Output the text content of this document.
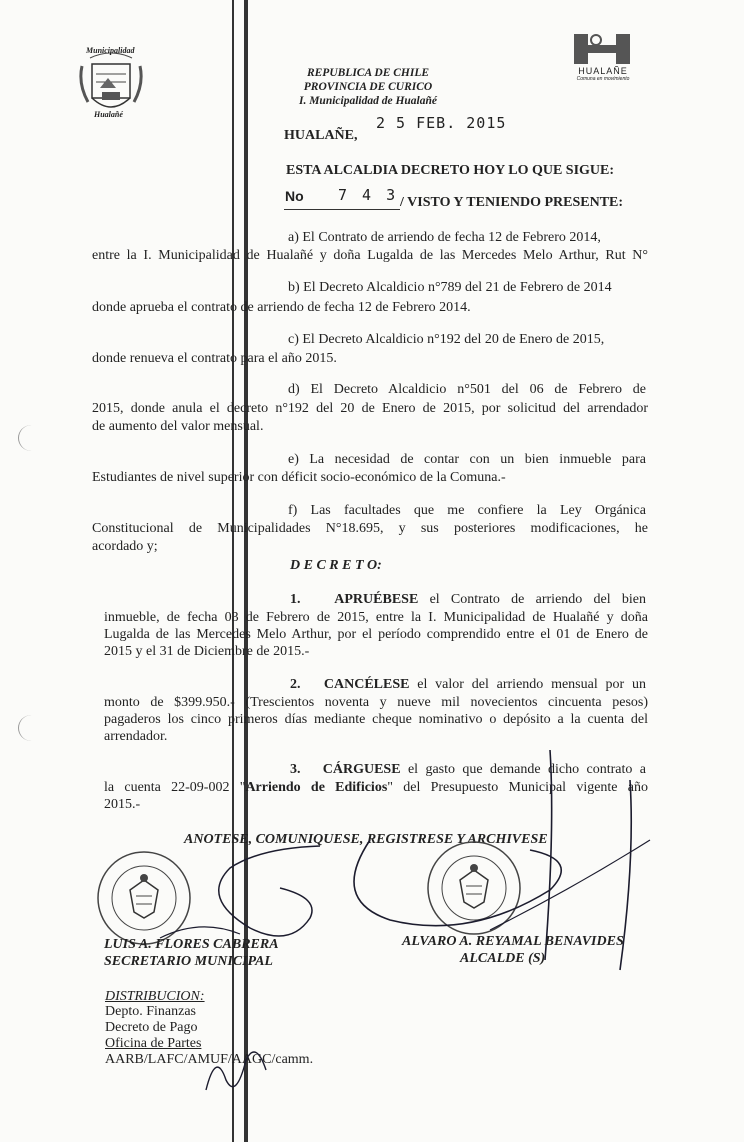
Municipalidad
Hualañé
REPUBLICA DE CHILE
PROVINCIA DE CURICO
I. Municipalidad de Hualañé
HUALAÑE
Comuna en movimiento
HUALAÑE,
2 5 FEB. 2015
ESTA ALCALDIA DECRETO HOY LO QUE SIGUE:
No 7 4 3 / VISTO Y TENIENDO PRESENTE:
a) El Contrato de arriendo de fecha 12 de Febrero 2014,
entre la I. Municipalidad de Hualañé y doña Lugalda de las Mercedes Melo Arthur, Rut N°
b) El Decreto Alcaldicio n°789 del 21 de Febrero de 2014
donde aprueba el contrato de arriendo de fecha 12 de Febrero 2014.
c) El Decreto Alcaldicio n°192 del 20 de Enero de 2015,
donde renueva el contrato para el año 2015.
d) El Decreto Alcaldicio n°501 del 06 de Febrero de
2015, donde anula el decreto n°192 del 20 de Enero de 2015, por solicitud del arrendador
de aumento del valor mensual.
e) La necesidad de contar con un bien inmueble para
Estudiantes de nivel superior con déficit socio-económico de la Comuna.-
f) Las facultades que me confiere la Ley Orgánica
Constitucional de Municipalidades N°18.695, y sus posteriores modificaciones, he
acordado y;
D E C R E T O:
1. APRUÉBESE el Contrato de arriendo del bien
inmueble, de fecha 03 de Febrero de 2015, entre la I. Municipalidad de Hualañé y doña
Lugalda de las Mercedes Melo Arthur, por el período comprendido entre el 01 de Enero de
2015 y el 31 de Diciembre de 2015.-
2. CANCÉLESE el valor del arriendo mensual por un
monto de $399.950.- (Trescientos noventa y nueve mil novecientos cincuenta pesos)
pagaderos los cinco primeros días mediante cheque nominativo o depósito a la cuenta del
arrendador.
3. CÁRGUESE el gasto que demande dicho contrato a
la cuenta 22-09-002 "Arriendo de Edificios" del Presupuesto Municipal vigente año
2015.-
ANOTESE, COMUNIQUESE, REGISTRESE Y ARCHIVESE
LUIS A. FLORES CABRERA
SECRETARIO MUNICIPAL
ALVARO A. REYAMAL BENAVIDES
ALCALDE (S)
DISTRIBUCION:
Depto. Finanzas
Decreto de Pago
Oficina de Partes
AARB/LAFC/AMUF/AAGC/camm.
